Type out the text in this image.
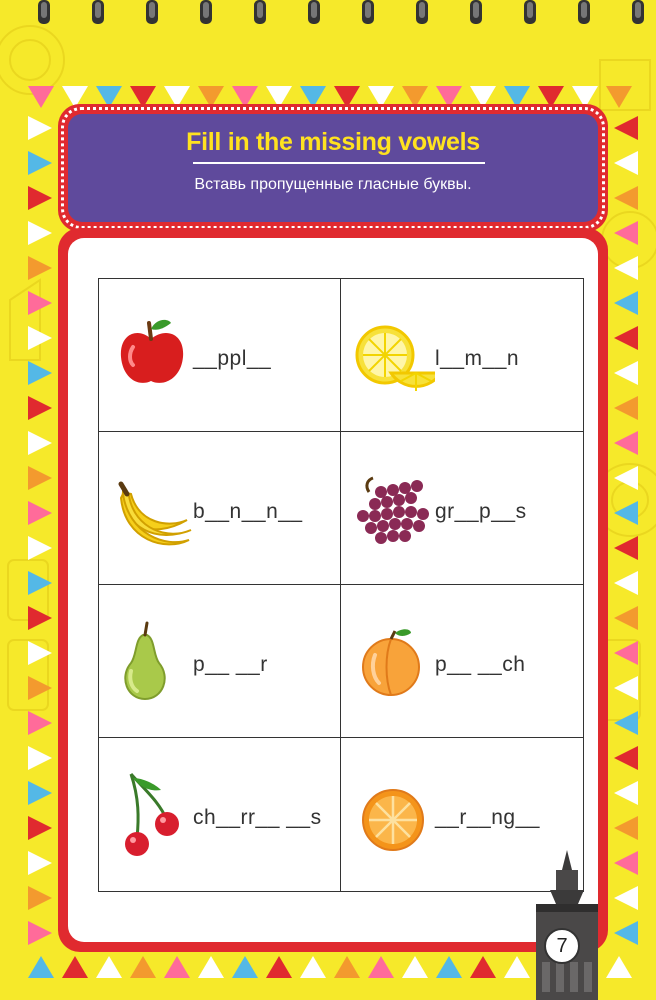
Fill in the missing vowels
Вставь пропущенные гласные буквы.
__ppl__	l__m__n
b__n__n__	gr__p__s
p__ __r	p__ __ch
ch__rr__ __s	__r__ng__
7
